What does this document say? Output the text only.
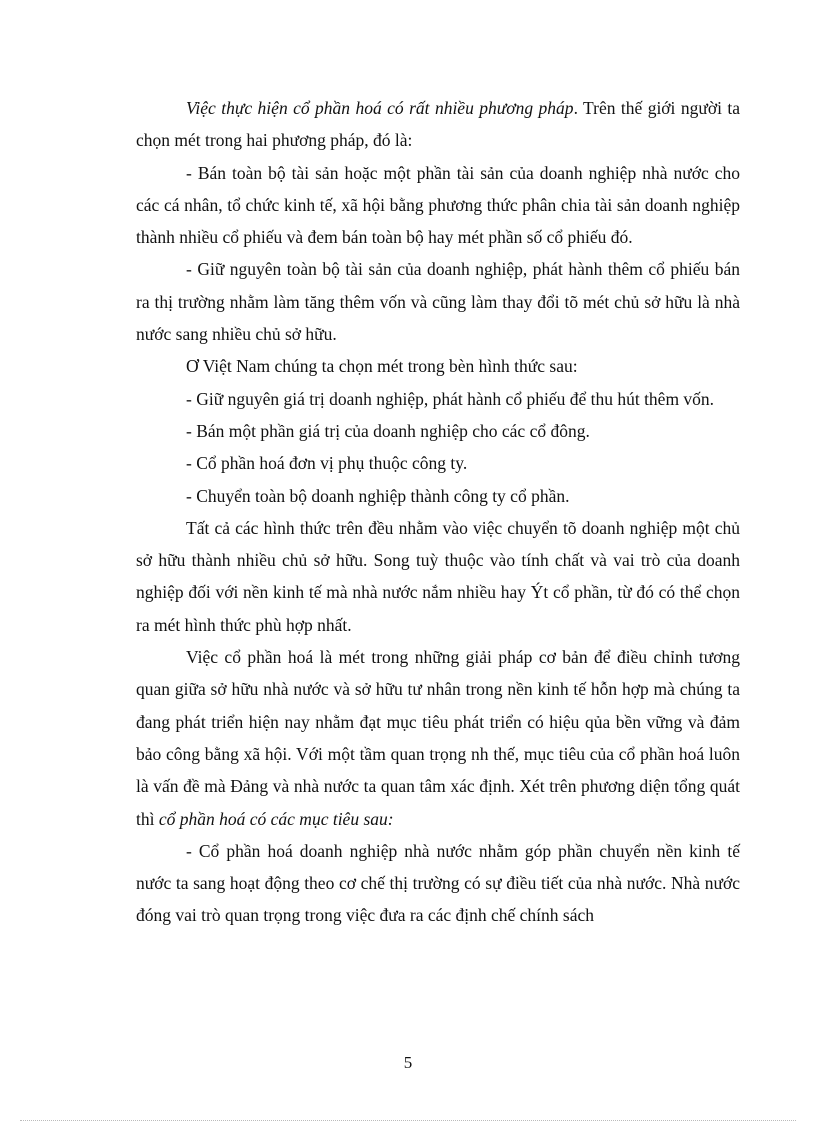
Việc thực hiện cổ phần hoá có rất nhiều phương pháp. Trên thế giới người ta chọn mét trong hai phương pháp, đó là:

- Bán toàn bộ tài sản hoặc một phần tài sản của doanh nghiệp nhà nước cho các cá nhân, tổ chức kinh tế, xã hội bằng phương thức phân chia tài sản doanh nghiệp thành nhiều cổ phiếu và đem bán toàn bộ hay mét phần số cổ phiếu đó.

- Giữ nguyên toàn bộ tài sản của doanh nghiệp, phát hành thêm cổ phiếu bán ra thị trường nhằm làm tăng thêm vốn và cũng làm thay đổi tõ mét chủ sở hữu là nhà nước sang nhiều chủ sở hữu.

Ơ Việt Nam chúng ta chọn mét trong bèn hình thức sau:

- Giữ nguyên giá trị doanh nghiệp, phát hành cổ phiếu để thu hút thêm vốn.

- Bán một phần giá trị của doanh nghiệp cho các cổ đông.

- Cổ phần hoá đơn vị phụ thuộc công ty.

- Chuyển toàn bộ doanh nghiệp thành công ty cổ phần.

Tất cả các hình thức trên đều nhằm vào việc chuyển tõ doanh nghiệp một chủ sở hữu thành nhiều chủ sở hữu. Song tuỳ thuộc vào tính chất và vai trò của doanh nghiệp đối với nền kinh tế mà nhà nước nắm nhiều hay Ýt cổ phần, từ đó có thể chọn ra mét hình thức phù hợp nhất.

Việc cổ phần hoá là mét trong những giải pháp cơ bản để điều chỉnh tương quan giữa sở hữu nhà nước và sở hữu tư nhân trong nền kinh tế hỗn hợp mà chúng ta đang phát triển hiện nay nhằm đạt mục tiêu phát triển có hiệu qủa bền vững và đảm bảo công bằng xã hội. Với một tầm quan trọng nh thế, mục tiêu của cổ phần hoá luôn là vấn đề mà Đảng và nhà nước ta quan tâm xác định. Xét trên phương diện tổng quát thì cổ phần hoá có các mục tiêu sau:

- Cổ phần hoá doanh nghiệp nhà nước nhằm góp phần chuyển nền kinh tế nước ta sang hoạt động theo cơ chế thị trường có sự điều tiết của nhà nước. Nhà nước đóng vai trò quan trọng trong việc đưa ra các định chế chính sách

5
